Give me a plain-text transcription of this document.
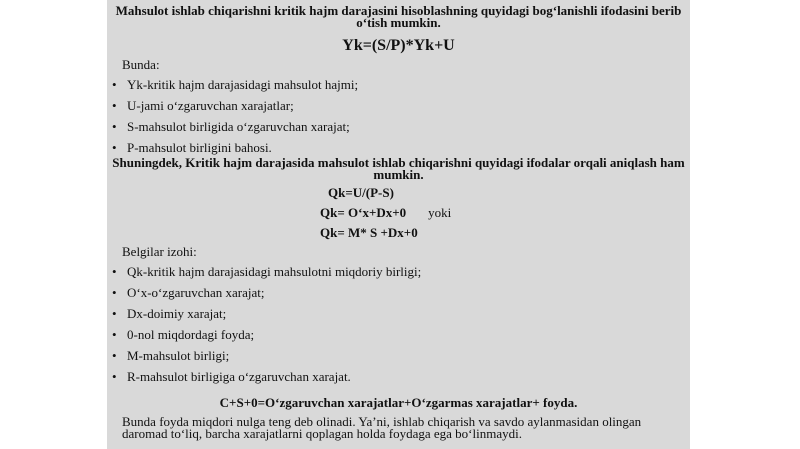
Mahsulot ishlab chiqarishni kritik hajm darajasini hisoblashning quyidagi bog‘lanishli ifodasini berib o‘tish mumkin.
Yk=(S/P)*Yk+U
Bunda:
• Yk-kritik hajm darajasidagi mahsulot hajmi;
• U-jami o‘zgaruvchan xarajatlar;
• S-mahsulot birligida o‘zgaruvchan xarajat;
• P-mahsulot birligini bahosi.
Shuningdek, Kritik hajm darajasida mahsulot ishlab chiqarishni quyidagi ifodalar orqali aniqlash ham mumkin.
Qk=U/(P-S)
Qk= O‘x+Dx+0 yoki
Qk= M* S +Dx+0
Belgilar izohi:
• Qk-kritik hajm darajasidagi mahsulotni miqdoriy birligi;
• O‘x-o‘zgaruvchan xarajat;
• Dx-doimiy xarajat;
• 0-nol miqdordagi foyda;
• M-mahsulot birligi;
• R-mahsulot birligiga o‘zgaruvchan xarajat.
C+S+0=O‘zgaruvchan xarajatlar+O‘zgarmas xarajatlar+ foyda.
Bunda foyda miqdori nulga teng deb olinadi. Ya’ni, ishlab chiqarish va savdo aylanmasidan olingan daromad to‘liq, barcha xarajatlarni qoplagan holda foydaga ega bo‘linmaydi.
